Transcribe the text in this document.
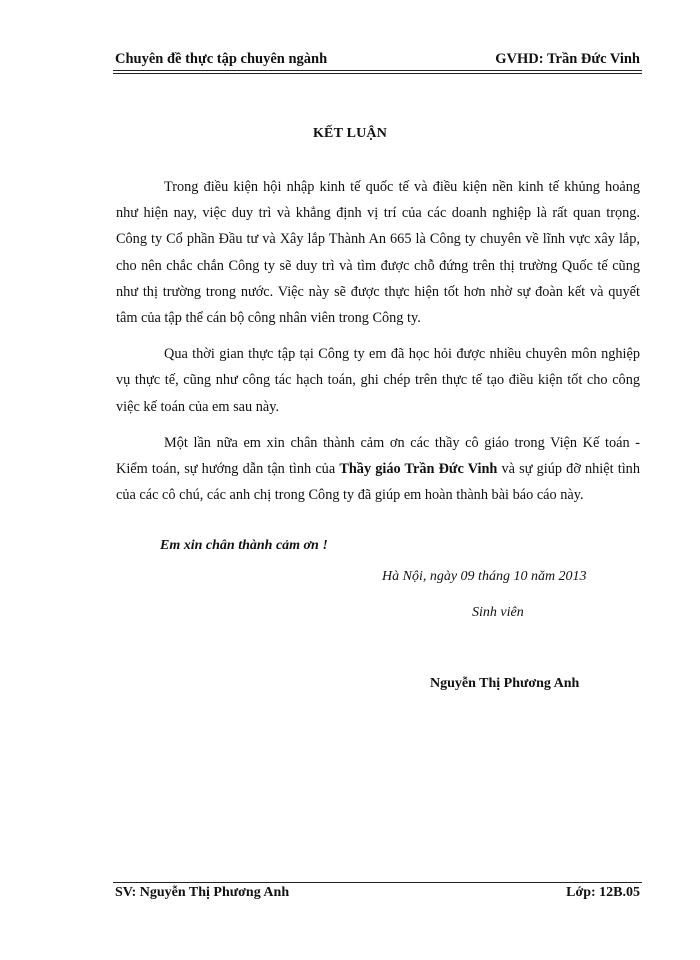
Chuyên đề thực tập chuyên ngành	GVHD: Trần Đức Vinh
KẾT LUẬN

Trong điều kiện hội nhập kinh tế quốc tế và điều kiện nền kinh tế khủng hoảng như hiện nay, việc duy trì và khẳng định vị trí của các doanh nghiệp là rất quan trọng. Công ty Cổ phần Đầu tư và Xây lắp Thành An 665 là Công ty chuyên về lĩnh vực xây lắp, cho nên chắc chắn Công ty sẽ duy trì và tìm được chỗ đứng trên thị trường Quốc tế cũng như thị trường trong nước. Việc này sẽ được thực hiện tốt hơn nhờ sự đoàn kết và quyết tâm của tập thể cán bộ công nhân viên trong Công ty.

Qua thời gian thực tập tại Công ty em đã học hỏi được nhiều chuyên môn nghiệp vụ thực tế, cũng như công tác hạch toán, ghi chép trên thực tế tạo điều kiện tốt cho công việc kế toán của em sau này.

Một lần nữa em xin chân thành cảm ơn các thầy cô giáo trong Viện Kế toán - Kiểm toán, sự hướng dẫn tận tình của Thầy giáo Trần Đức Vinh và sự giúp đỡ nhiệt tình của các cô chú, các anh chị trong Công ty đã giúp em hoàn thành bài báo cáo này.

Em xin chân thành cảm ơn !
Hà Nội, ngày 09 tháng 10 năm 2013
Sinh viên
Nguyễn Thị Phương Anh
SV: Nguyễn Thị Phương Anh	Lớp: 12B.05
